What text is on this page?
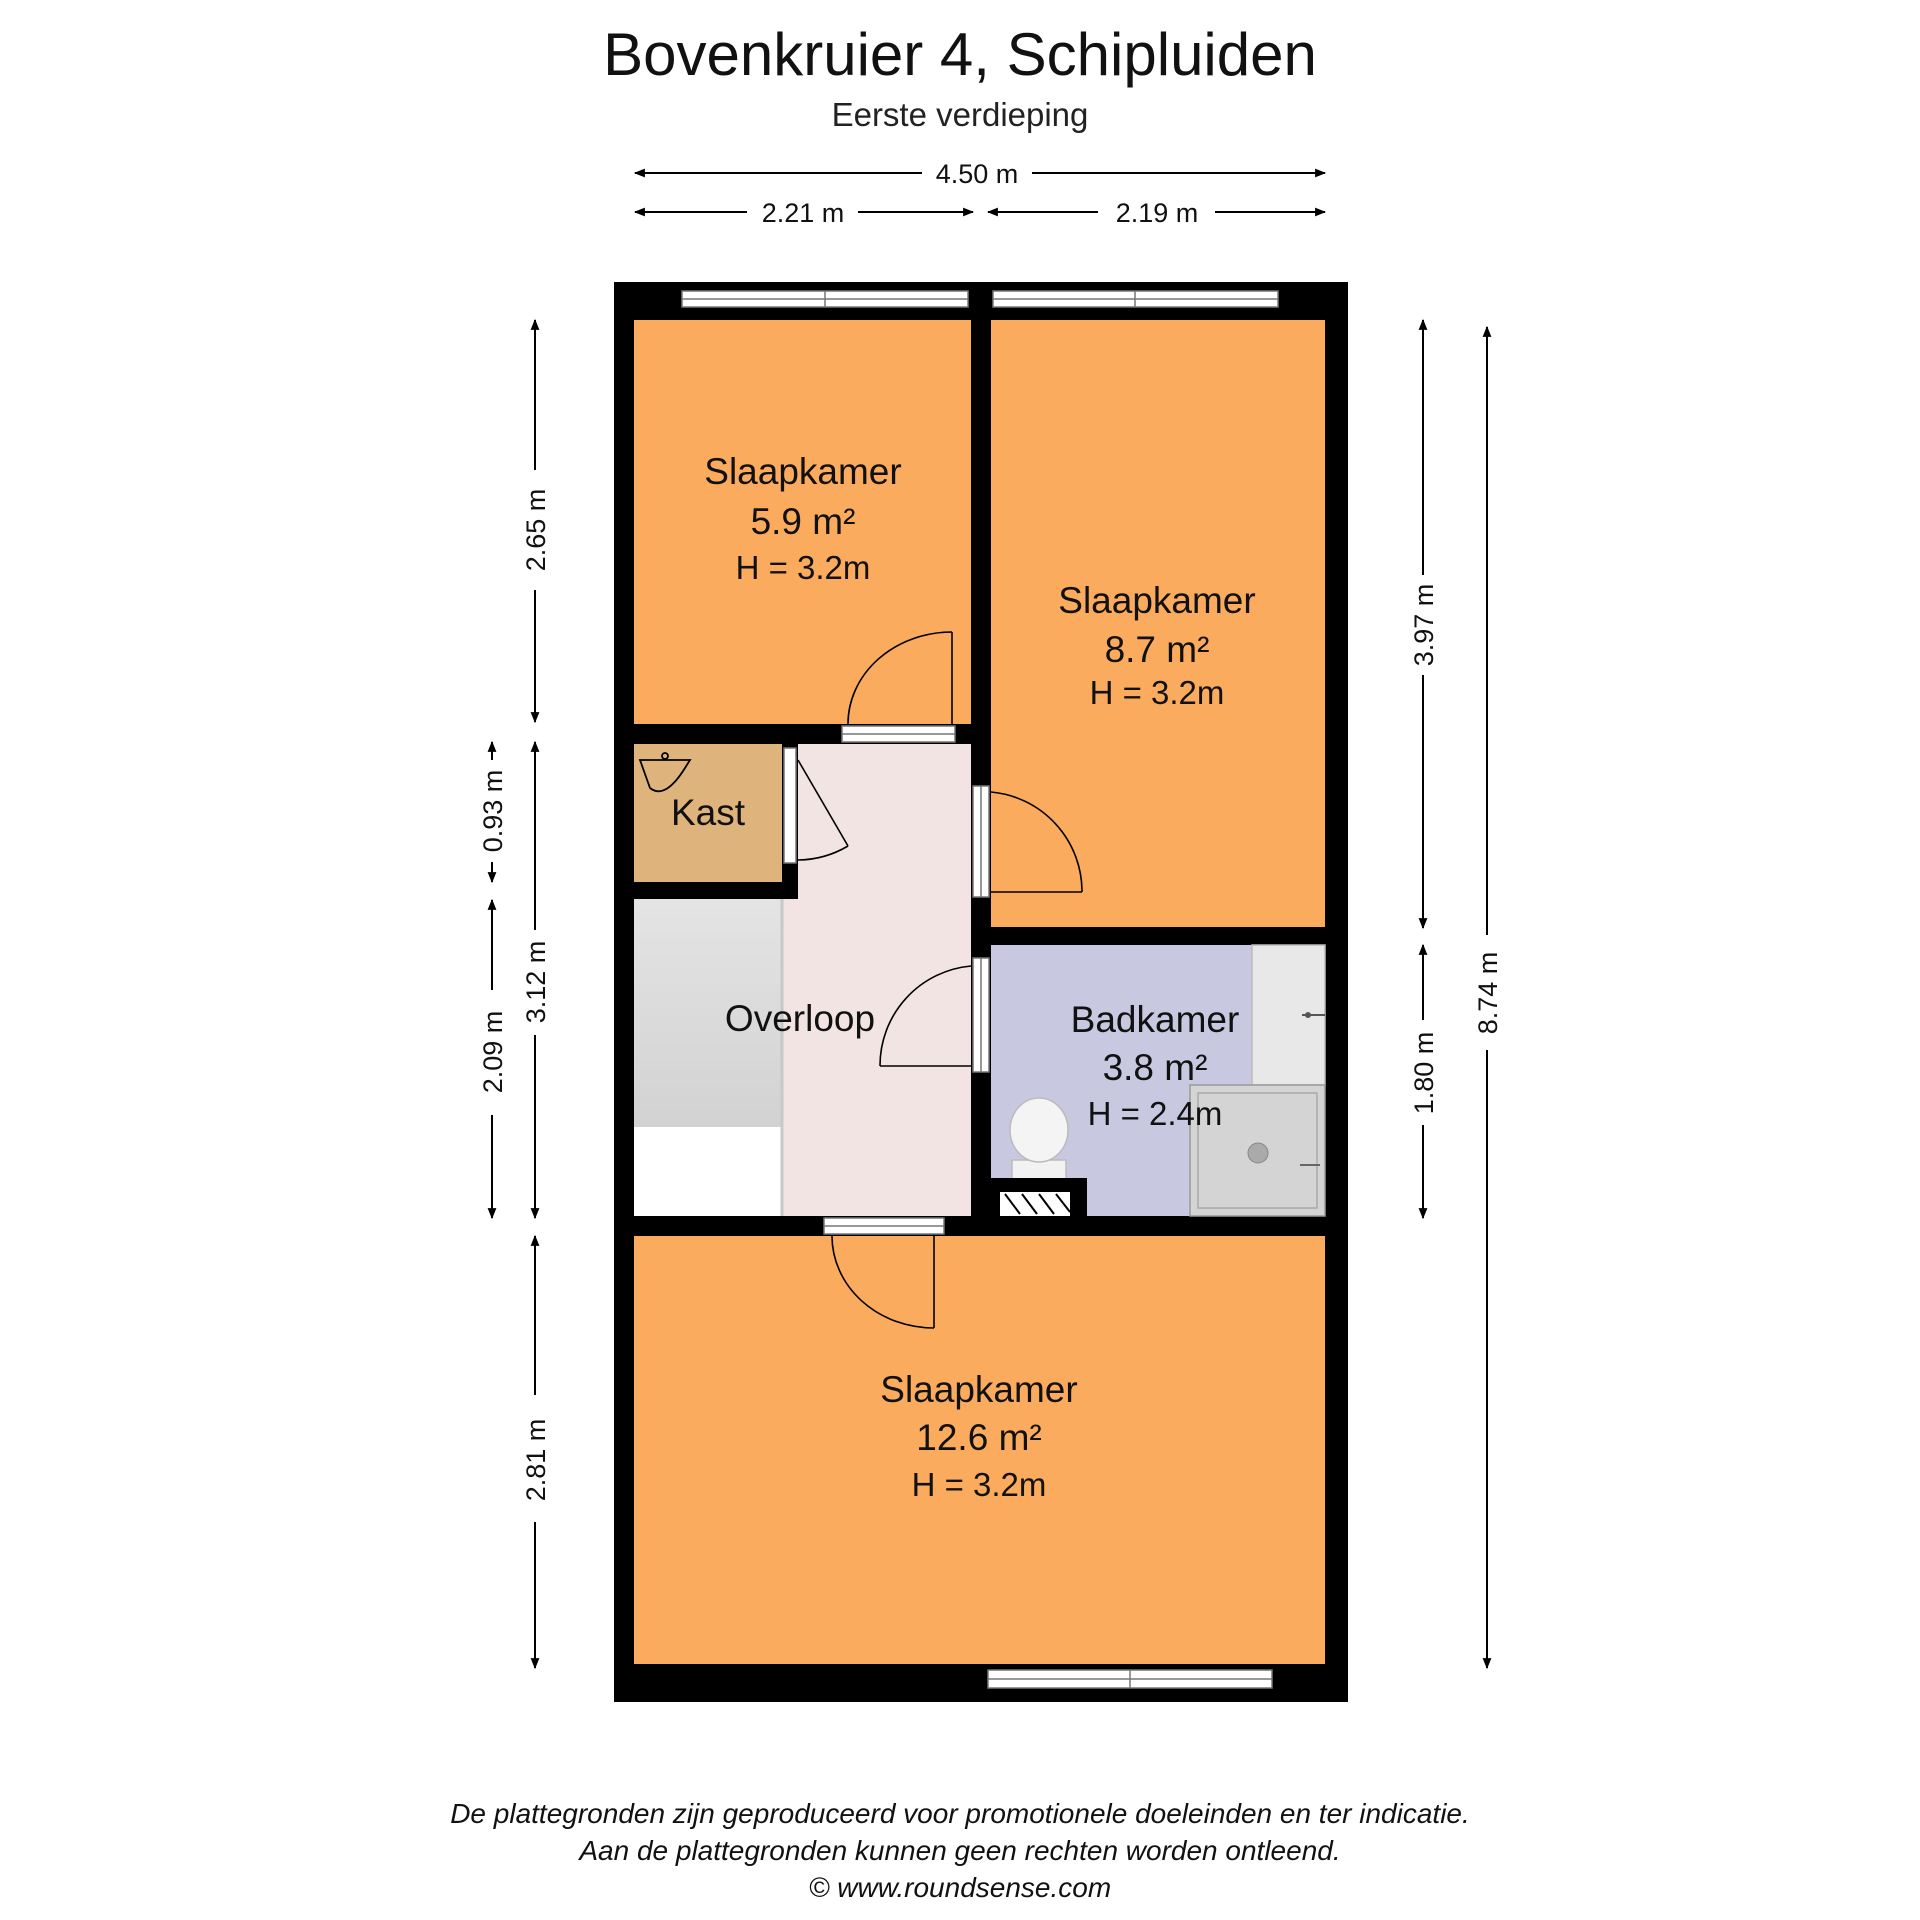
Bovenkruier 4, Schipluiden
Eerste verdieping
4.50 m
2.21 m	2.19 m
2.65 m
3.12 m
2.81 m
0.93 m
2.09 m
3.97 m
1.80 m
8.74 m
Slaapkamer
5.9 m²
H = 3.2m
Slaapkamer
8.7 m²
H = 3.2m
Kast
Overloop	Badkamer
3.8 m²
H = 2.4m
Slaapkamer
12.6 m²
H = 3.2m
De plattegronden zijn geproduceerd voor promotionele doeleinden en ter indicatie.
Aan de plattegronden kunnen geen rechten worden ontleend.
© www.roundsense.com
